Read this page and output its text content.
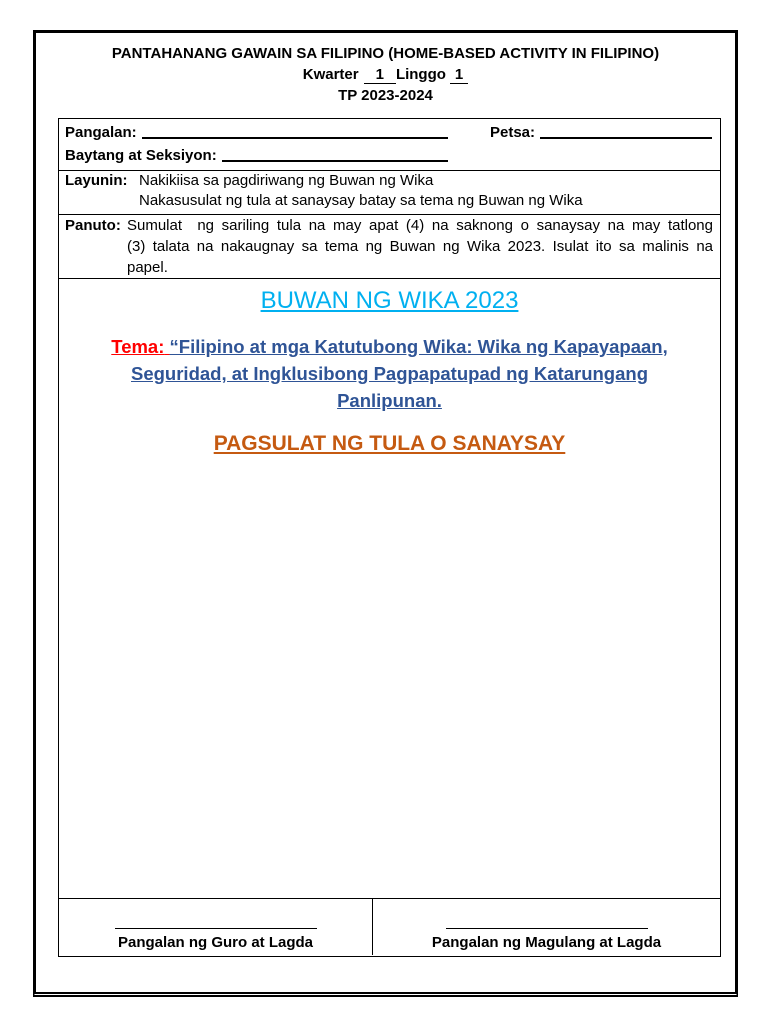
PANTAHANANG GAWAIN SA FILIPINO (HOME-BASED ACTIVITY IN FILIPINO)
Kwarter 1 Linggo 1
TP 2023-2024
Pangalan:	Petsa:
Baytang at Seksiyon:
Layunin: Nakikiisa sa pagdiriwang ng Buwan ng Wika
Nakasusulat ng tula at sanaysay batay sa tema ng Buwan ng Wika
Panuto: Sumulat  ng sariling tula na may apat (4) na saknong o sanaysay na may tatlong
(3) talata na nakaugnay sa tema ng Buwan ng Wika 2023. Isulat ito sa malinis na
papel.
BUWAN NG WIKA 2023
Tema: “Filipino at mga Katutubong Wika: Wika ng Kapayapaan,
Seguridad, at Ingklusibong Pagpapatupad ng Katarungang
Panlipunan.
PAGSULAT NG TULA O SANAYSAY
Pangalan ng Guro at Lagda	Pangalan ng Magulang at Lagda
